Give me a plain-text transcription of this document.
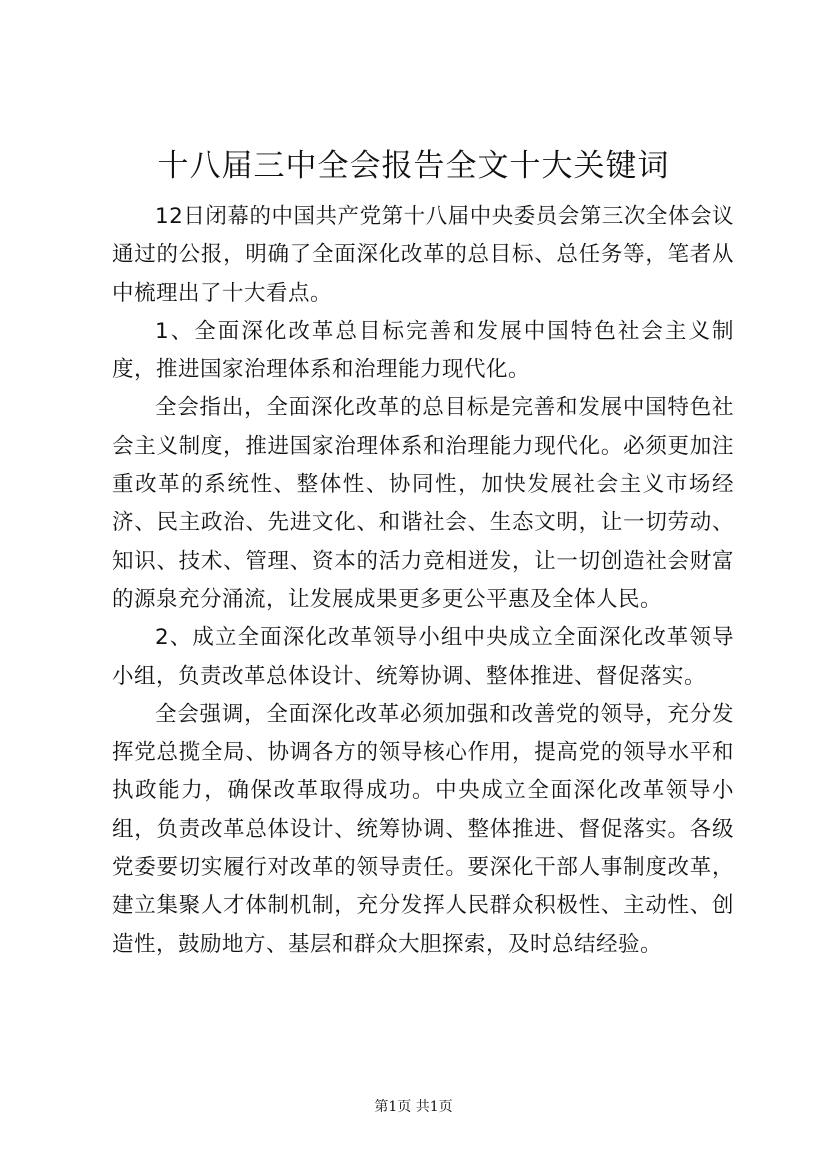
十八届三中全会报告全文十大关键词

12日闭幕的中国共产党第十八届中央委员会第三次全体会议通过的公报，明确了全面深化改革的总目标、总任务等，笔者从中梳理出了十大看点。

1、全面深化改革总目标完善和发展中国特色社会主义制度，推进国家治理体系和治理能力现代化。

全会指出，全面深化改革的总目标是完善和发展中国特色社会主义制度，推进国家治理体系和治理能力现代化。必须更加注重改革的系统性、整体性、协同性，加快发展社会主义市场经济、民主政治、先进文化、和谐社会、生态文明，让一切劳动、知识、技术、管理、资本的活力竞相迸发，让一切创造社会财富的源泉充分涌流，让发展成果更多更公平惠及全体人民。

2、成立全面深化改革领导小组中央成立全面深化改革领导小组，负责改革总体设计、统筹协调、整体推进、督促落实。

全会强调，全面深化改革必须加强和改善党的领导，充分发挥党总揽全局、协调各方的领导核心作用，提高党的领导水平和执政能力，确保改革取得成功。中央成立全面深化改革领导小组，负责改革总体设计、统筹协调、整体推进、督促落实。各级党委要切实履行对改革的领导责任。要深化干部人事制度改革，建立集聚人才体制机制，充分发挥人民群众积极性、主动性、创造性，鼓励地方、基层和群众大胆探索，及时总结经验。

第1页 共1页
